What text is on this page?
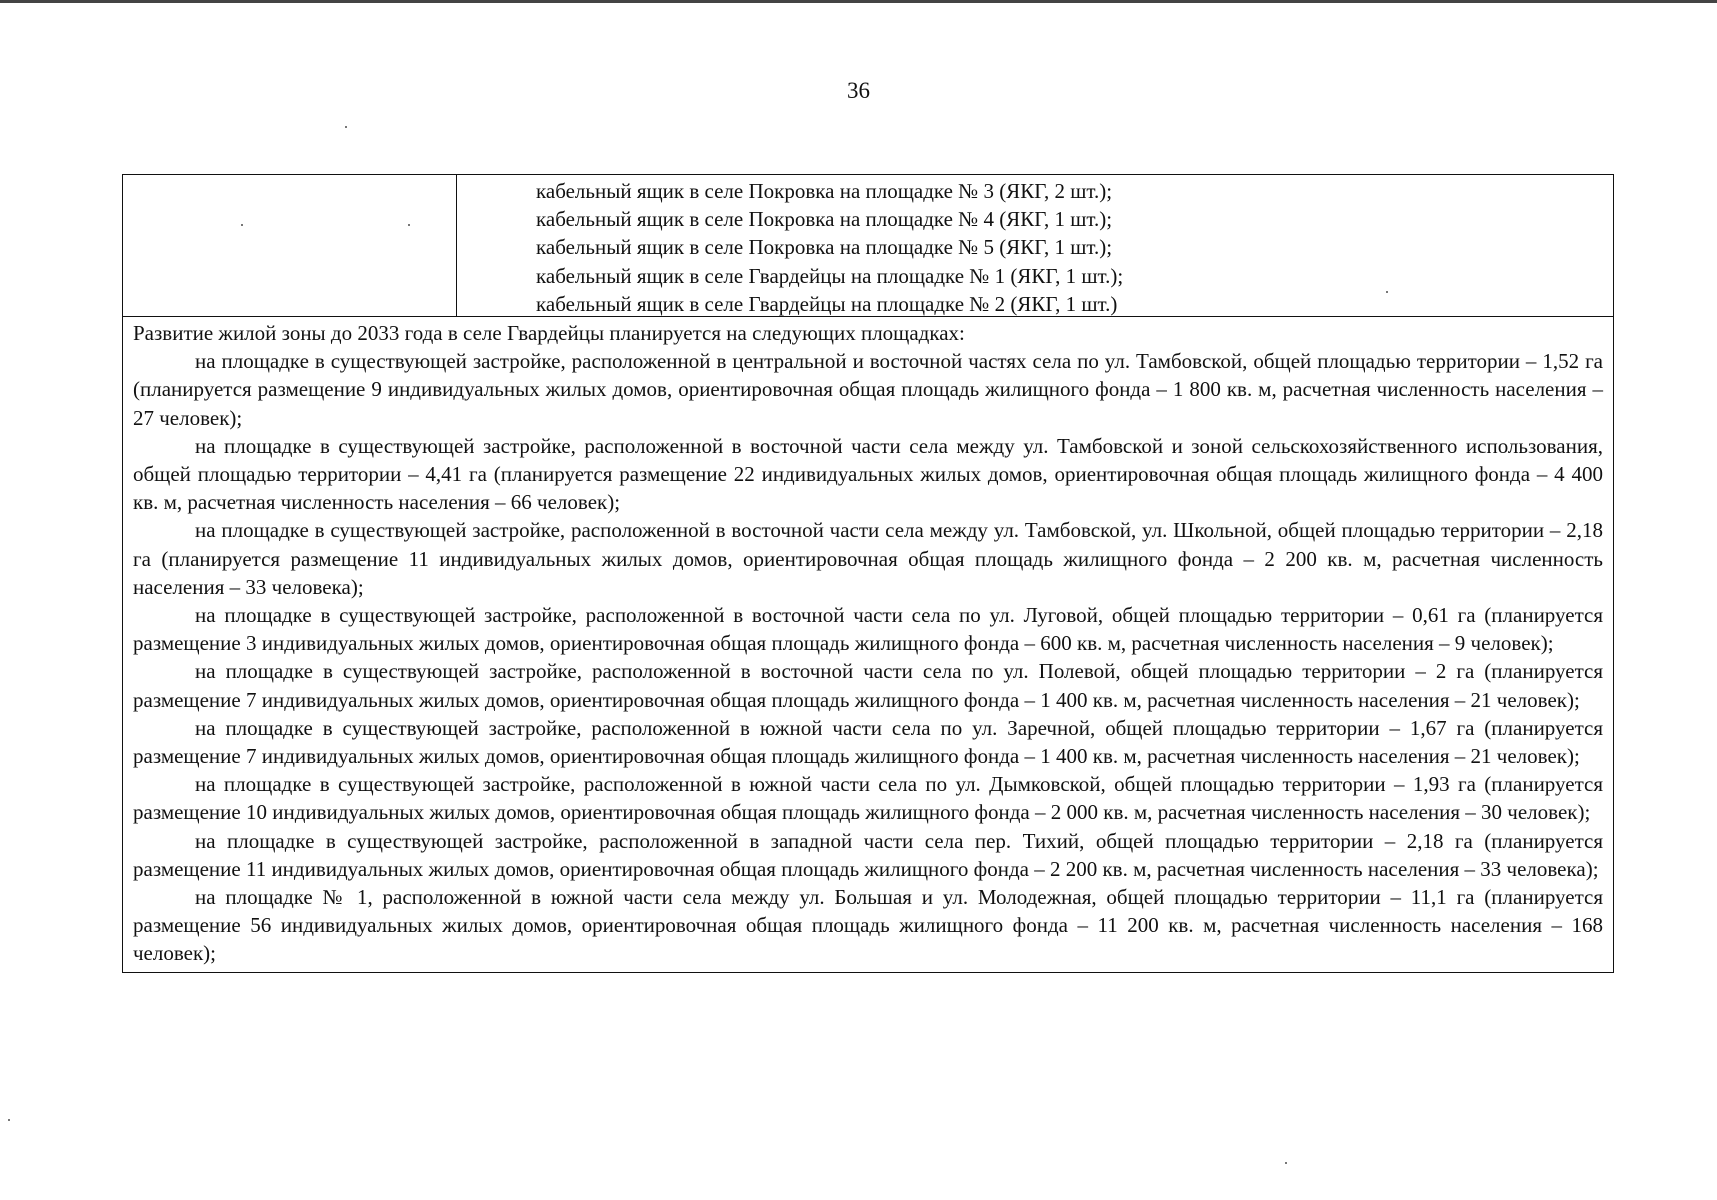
36
кабельный ящик в селе Покровка на площадке № 3 (ЯКГ, 2 шт.);
кабельный ящик в селе Покровка на площадке № 4 (ЯКГ, 1 шт.);
кабельный ящик в селе Покровка на площадке № 5 (ЯКГ, 1 шт.);
кабельный ящик в селе Гвардейцы на площадке № 1 (ЯКГ, 1 шт.);
кабельный ящик в селе Гвардейцы на площадке № 2 (ЯКГ, 1 шт.)
Развитие жилой зоны до 2033 года в селе Гвардейцы планируется на следующих площадках:

на площадке в существующей застройке, расположенной в центральной и восточной частях села по ул. Тамбовской, общей площадью территории – 1,52 га (планируется размещение 9 индивидуальных жилых домов, ориентировочная общая площадь жилищного фонда – 1 800 кв. м, расчетная численность населения – 27 человек);

на площадке в существующей застройке, расположенной в восточной части села между ул. Тамбовской и зоной сельскохозяйственного использования, общей площадью территории – 4,41 га (планируется размещение 22 индивидуальных жилых домов, ориентировочная общая площадь жилищного фонда – 4 400 кв. м, расчетная численность населения – 66 человек);

на площадке в существующей застройке, расположенной в восточной части села между ул. Тамбовской, ул. Школьной, общей площадью территории – 2,18 га (планируется размещение 11 индивидуальных жилых домов, ориентировочная общая площадь жилищного фонда – 2 200 кв. м, расчетная численность населения – 33 человека);

на площадке в существующей застройке, расположенной в восточной части села по ул. Луговой, общей площадью территории – 0,61 га (планируется размещение 3 индивидуальных жилых домов, ориентировочная общая площадь жилищного фонда – 600 кв. м, расчетная численность населения – 9 человек);

на площадке в существующей застройке, расположенной в восточной части села по ул. Полевой, общей площадью территории – 2 га (планируется размещение 7 индивидуальных жилых домов, ориентировочная общая площадь жилищного фонда – 1 400 кв. м, расчетная численность населения – 21 человек);

на площадке в существующей застройке, расположенной в южной части села по ул. Заречной, общей площадью территории – 1,67 га (планируется размещение 7 индивидуальных жилых домов, ориентировочная общая площадь жилищного фонда – 1 400 кв. м, расчетная численность населения – 21 человек);

на площадке в существующей застройке, расположенной в южной части села по ул. Дымковской, общей площадью территории – 1,93 га (планируется размещение 10 индивидуальных жилых домов, ориентировочная общая площадь жилищного фонда – 2 000 кв. м, расчетная численность населения – 30 человек);

на площадке в существующей застройке, расположенной в западной части села пер. Тихий, общей площадью территории – 2,18 га (планируется размещение 11 индивидуальных жилых домов, ориентировочная общая площадь жилищного фонда – 2 200 кв. м, расчетная численность населения – 33 человека);

на площадке № 1, расположенной в южной части села между ул. Большая и ул. Молодежная, общей площадью территории – 11,1 га (планируется размещение 56 индивидуальных жилых домов, ориентировочная общая площадь жилищного фонда – 11 200 кв. м, расчетная численность населения – 168 человек);
